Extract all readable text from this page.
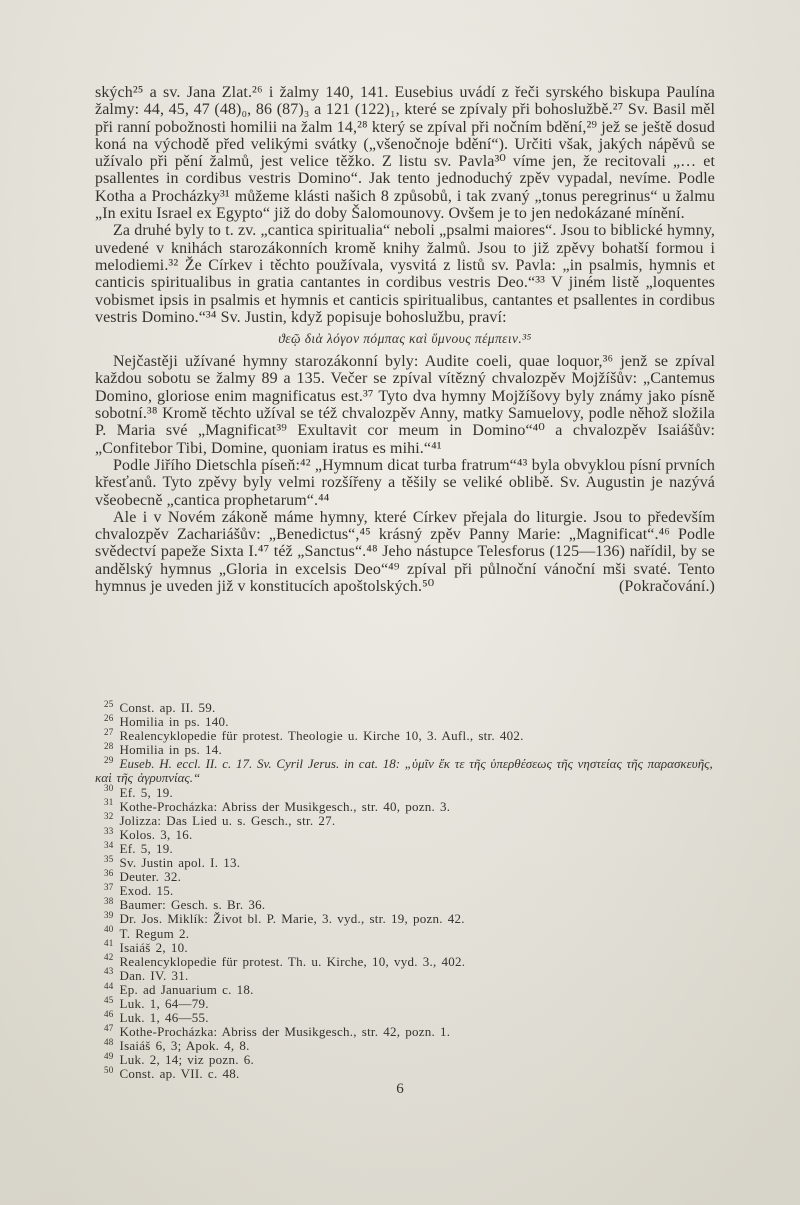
ských²⁵ a sv. Jana Zlat.²⁶ i žalmy 140, 141. Eusebius uvádí z řeči syrského biskupa Paulína žalmy: 44, 45, 47 (48)₀, 86 (87)₃ a 121 (122)₁, které se zpívaly při bohoslužbě.²⁷ Sv. Basil měl při ranní pobožnosti homilii na žalm 14,²⁸ který se zpíval při nočním bdění,²⁹ jež se ještě dosud koná na východě před velikými svátky („všenočnoje bdění“). Určiti však, jakých nápěvů se užívalo při pění žalmů, jest velice těžko. Z listu sv. Pavla³⁰ víme jen, že recitovali „… et psallentes in cordibus vestris Domino“. Jak tento jednoduchý zpěv vypadal, nevíme. Podle Kotha a Procházky³¹ můžeme klásti našich 8 způsobů, i tak zvaný „tonus peregrinus“ u žalmu „In exitu Israel ex Egypto“ již do doby Šalomounovy. Ovšem je to jen nedokázané mínění.

Za druhé byly to t. zv. „cantica spiritualia“ neboli „psalmi maiores“. Jsou to biblické hymny, uvedené v knihách starozákonních kromě knihy žalmů. Jsou to již zpěvy bohatší formou i melodiemi.³² Že Církev i těchto používala, vysvitá z listů sv. Pavla: „in psalmis, hymnis et canticis spiritualibus in gratia cantantes in cordibus vestris Deo.“³³ V jiném listě „loquentes vobismet ipsis in psalmis et hymnis et canticis spiritualibus, cantantes et psallentes in cordibus vestris Domino.“³⁴ Sv. Justin, když popisuje bohoslužbu, praví:

ϑεῷ διὰ λόγον πόμπας καὶ ὕμνους πέμπειν.³⁵

Nejčastěji užívané hymny starozákonní byly: Audite coeli, quae loquor,³⁶ jenž se zpíval každou sobotu se žalmy 89 a 135. Večer se zpíval vítězný chvalozpěv Mojžíšův: „Cantemus Domino, gloriose enim magnificatus est.³⁷ Tyto dva hymny Mojžíšovy byly známy jako písně sobotní.³⁸ Kromě těchto užíval se též chvalozpěv Anny, matky Samuelovy, podle něhož složila P. Maria své „Magnificat³⁹ Exultavit cor meum in Domino“⁴⁰ a chvalozpěv Isaiášův: „Confitebor Tibi, Domine, quoniam iratus es mihi.“⁴¹

Podle Jiřího Dietschla píseň:⁴² „Hymnum dicat turba fratrum“⁴³ byla obvyklou písní prvních křesťanů. Tyto zpěvy byly velmi rozšířeny a těšily se veliké oblibě. Sv. Augustin je nazývá všeobecně „cantica prophetarum“.⁴⁴

Ale i v Novém zákoně máme hymny, které Církev přejala do liturgie. Jsou to především chvalozpěv Zachariášův: „Benedictus“,⁴⁵ krásný zpěv Panny Marie: „Magnificat“.⁴⁶ Podle svědectví papeže Sixta I.⁴⁷ též „Sanctus“.⁴⁸ Jeho nástupce Telesforus (125—136) nařídil, by se andělský hymnus „Gloria in excelsis Deo“⁴⁹ zpíval při půlnoční vánoční mši svaté. Tento hymnus je uveden již v konstitucích apoštolských.⁵⁰	(Pokračování.)

$^{25}$ Const. ap. II. 59.
$^{26}$ Homilia in ps. 140.
$^{27}$ Realencyklopedie für protest. Theologie u. Kirche 10, 3. Aufl., str. 402.
$^{28}$ Homilia in ps. 14.
$^{29}$ Euseb. H. eccl. II. c. 17. Sv. Cyril Jerus. in cat. 18: „ὑμῖν ἔκ τε τῆς ὑπερθέσεως τῆς νηστείας τῆς παρασκευῆς, καὶ τῆς ἀγρυπνίας.“
$^{30}$ Ef. 5, 19.
$^{31}$ Kothe-Procházka: Abriss der Musikgesch., str. 40, pozn. 3.
$^{32}$ Jolizza: Das Lied u. s. Gesch., str. 27.
$^{33}$ Kolos. 3, 16.
$^{34}$ Ef. 5, 19.
$^{35}$ Sv. Justin apol. I. 13.
$^{36}$ Deuter. 32.
$^{37}$ Exod. 15.
$^{38}$ Baumer: Gesch. s. Br. 36.
$^{39}$ Dr. Jos. Miklík: Život bl. P. Marie, 3. vyd., str. 19, pozn. 42.
$^{40}$ T. Regum 2.
$^{41}$ Isaiáš 2, 10.
$^{42}$ Realencyklopedie für protest. Th. u. Kirche, 10, vyd. 3., 402.
$^{43}$ Dan. IV. 31.
$^{44}$ Ep. ad Januarium c. 18.
$^{45}$ Luk. 1, 64—79.
$^{46}$ Luk. 1, 46—55.
$^{47}$ Kothe-Procházka: Abriss der Musikgesch., str. 42, pozn. 1.
$^{48}$ Isaiáš 6, 3; Apok. 4, 8.
$^{49}$ Luk. 2, 14; viz pozn. 6.
$^{50}$ Const. ap. VII. c. 48.
6
